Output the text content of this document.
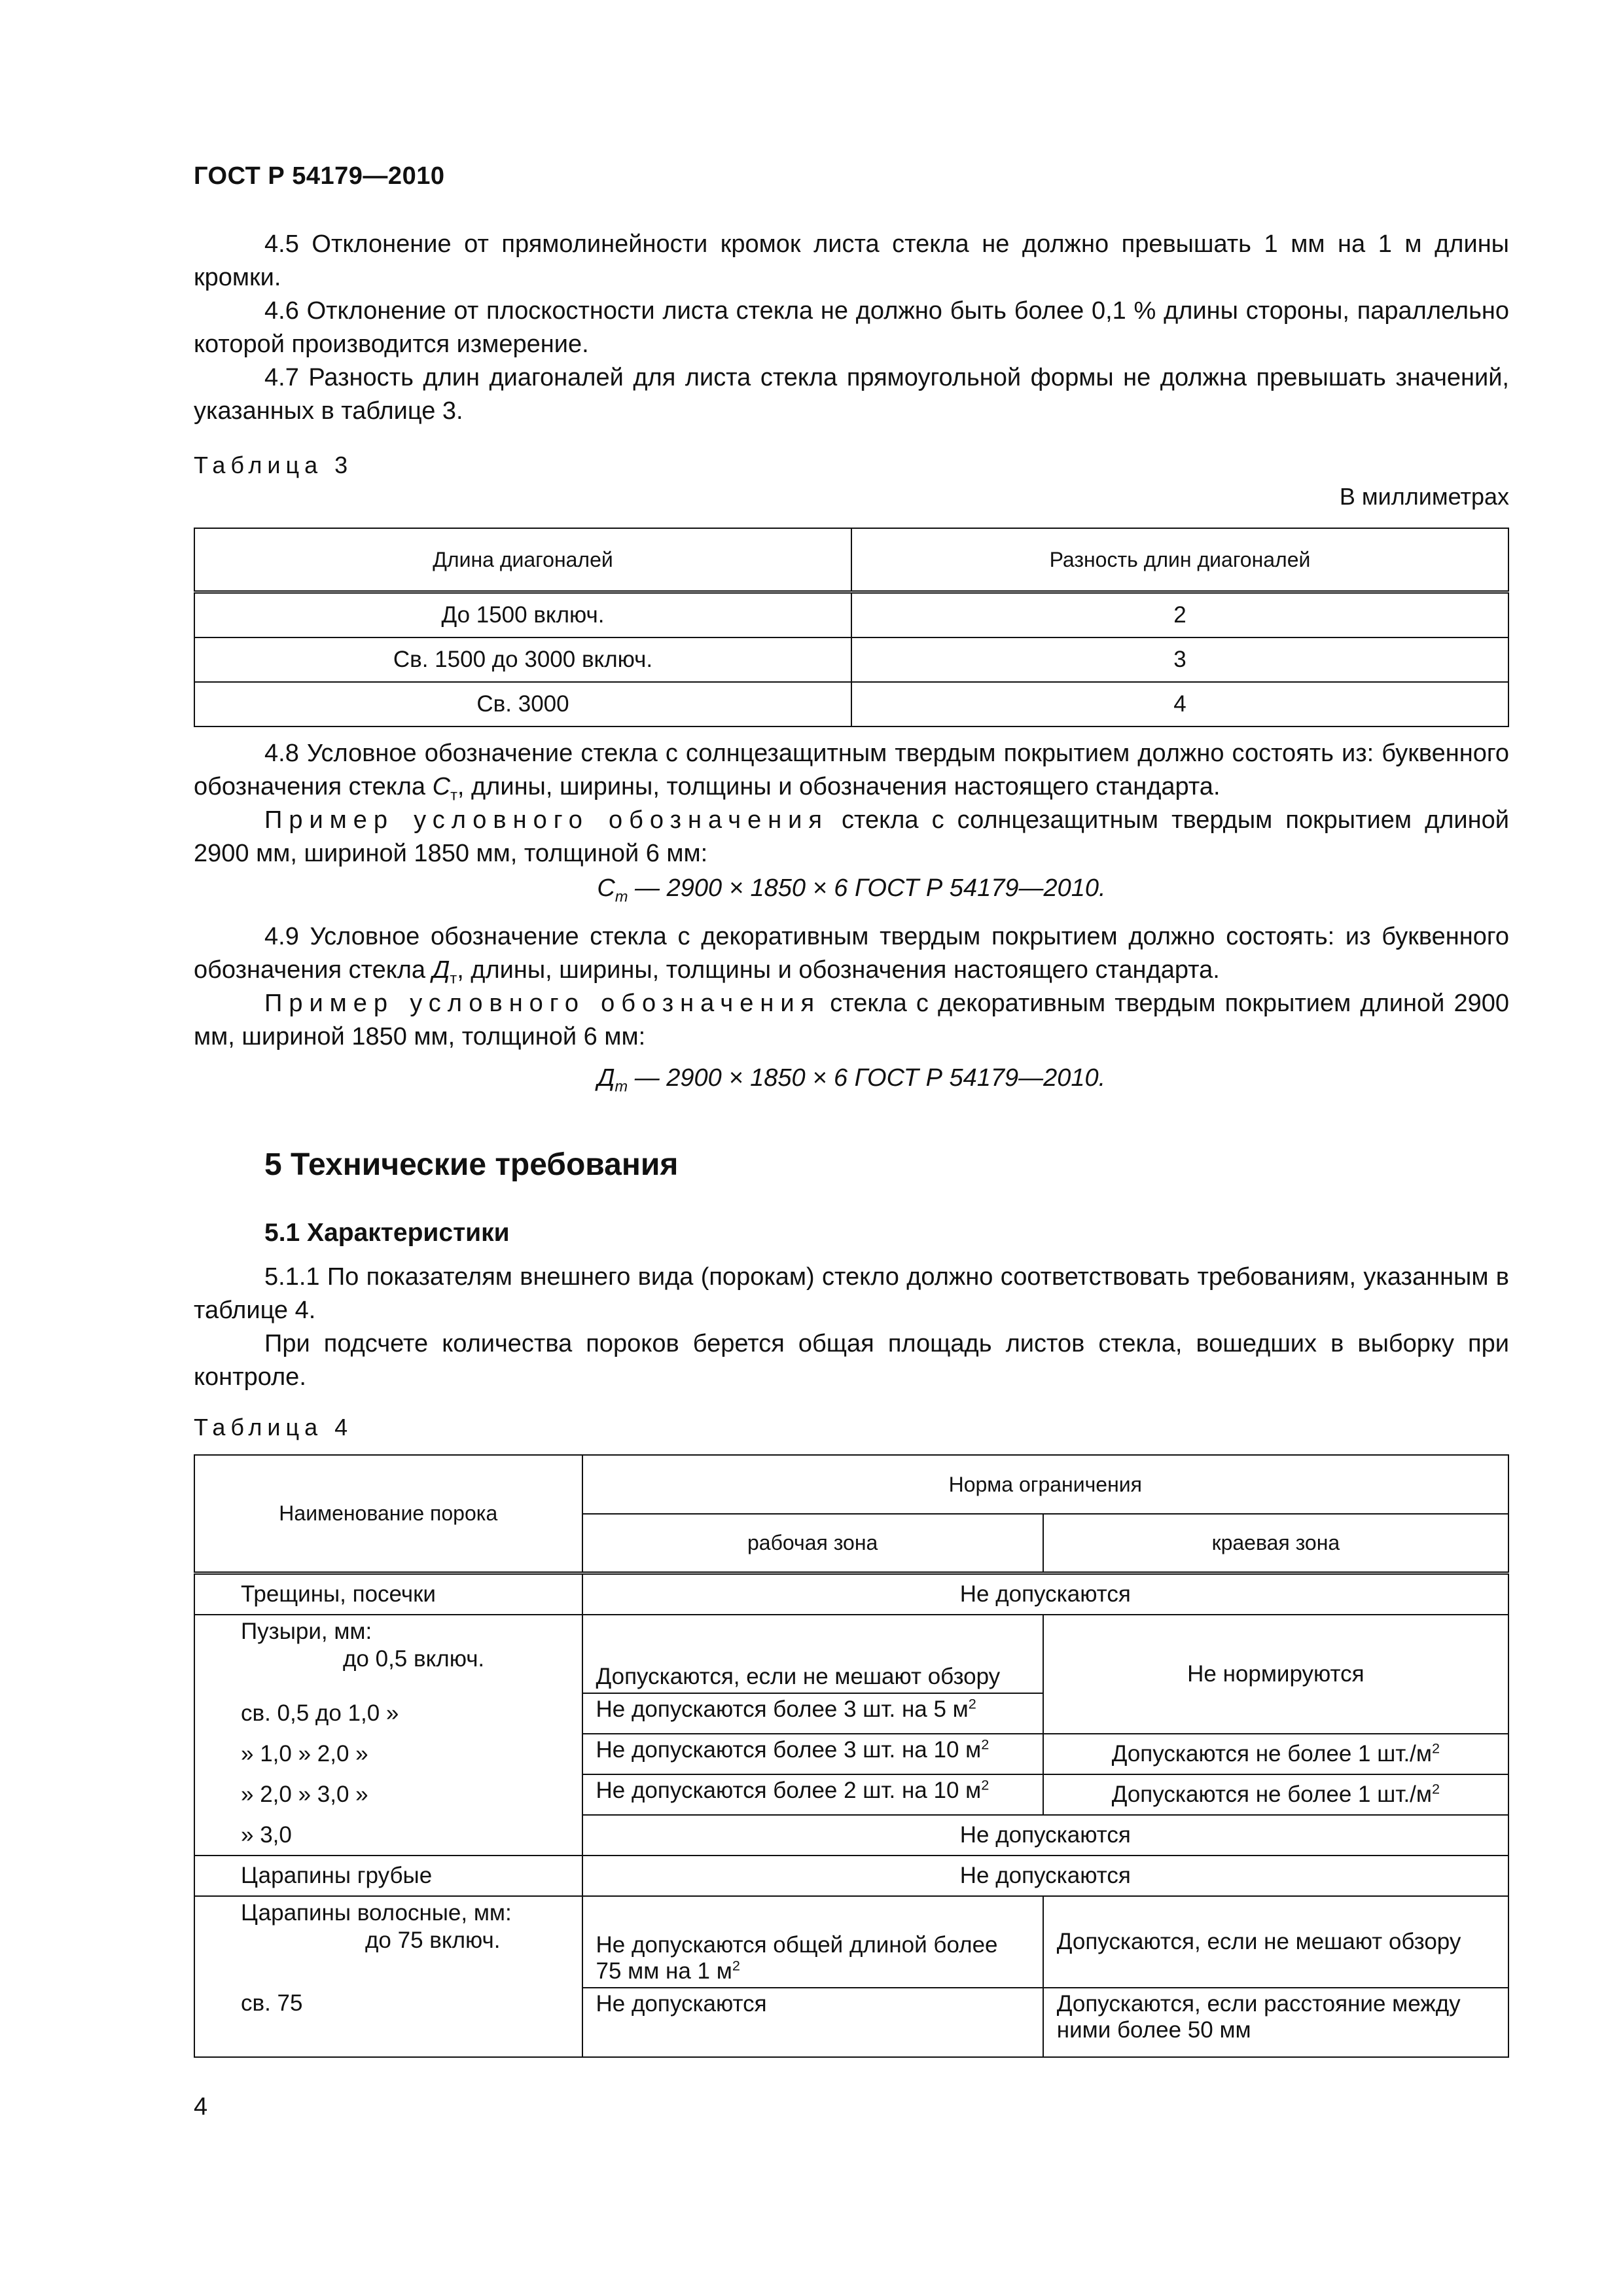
ГОСТ Р 54179—2010

4.5 Отклонение от прямолинейности кромок листа стекла не должно превышать 1 мм на 1 м длины кромки.

4.6 Отклонение от плоскостности листа стекла не должно быть более 0,1 % длины стороны, параллельно которой производится измерение.

4.7 Разность длин диагоналей для листа стекла прямоугольной формы не должна превышать значений, указанных в таблице 3.

Таблица 3
В миллиметрах
Длина диагоналей	Разность длин диагоналей
До 1500 включ.	2
Св. 1500 до 3000 включ.	3
Св. 3000	4

4.8 Условное обозначение стекла с солнцезащитным твердым покрытием должно состоять из: буквенного обозначения стекла $С_т$, длины, ширины, толщины и обозначения настоящего стандарта.

Пример условного обозначения стекла с солнцезащитным твердым покрытием длиной 2900 мм, шириной 1850 мм, толщиной 6 мм:

$С_т$ — 2900 × 1850 × 6 ГОСТ Р 54179—2010.

4.9 Условное обозначение стекла с декоративным твердым покрытием должно состоять: из буквенного обозначения стекла $Д_т$, длины, ширины, толщины и обозначения настоящего стандарта.

Пример условного обозначения стекла с декоративным твердым покрытием длиной 2900 мм, шириной 1850 мм, толщиной 6 мм:

$Д_т$ — 2900 × 1850 × 6 ГОСТ Р 54179—2010.
5 Технические требования
5.1 Характеристики

5.1.1 По показателям внешнего вида (порокам) стекло должно соответствовать требованиям, указанным в таблице 4.

При подсчете количества пороков берется общая площадь листов стекла, вошедших в выборку при контроле.

Таблица 4
Наименование порока	Норма ограничения	
	рабочая зона	краевая зона
Трещины, посечки	Не допускаются	
Пузыри, мм:
до 0,5 включ.	Допускаются, если не мешают обзору	Не нормируются
св. 0,5 до 1,0 »	Не допускаются более 3 шт. на 5 $м^2$
» 1,0 » 2,0 »	Не допускаются более 3 шт. на 10 $м^2$	Допускаются не более 1 $шт./м^2$
» 2,0 » 3,0 »	Не допускаются более 2 шт. на 10 $м^2$	Допускаются не более 1 $шт./м^2$
» 3,0	Не допускаются	
Царапины грубые	Не допускаются	
Царапины волосные, мм:
до 75 включ.	Не допускаются общей длиной более 75 мм на 1 $м^2$	Допускаются, если не мешают обзору
св. 75	Не допускаются	Допускаются, если расстояние между ними более 50 мм
4
